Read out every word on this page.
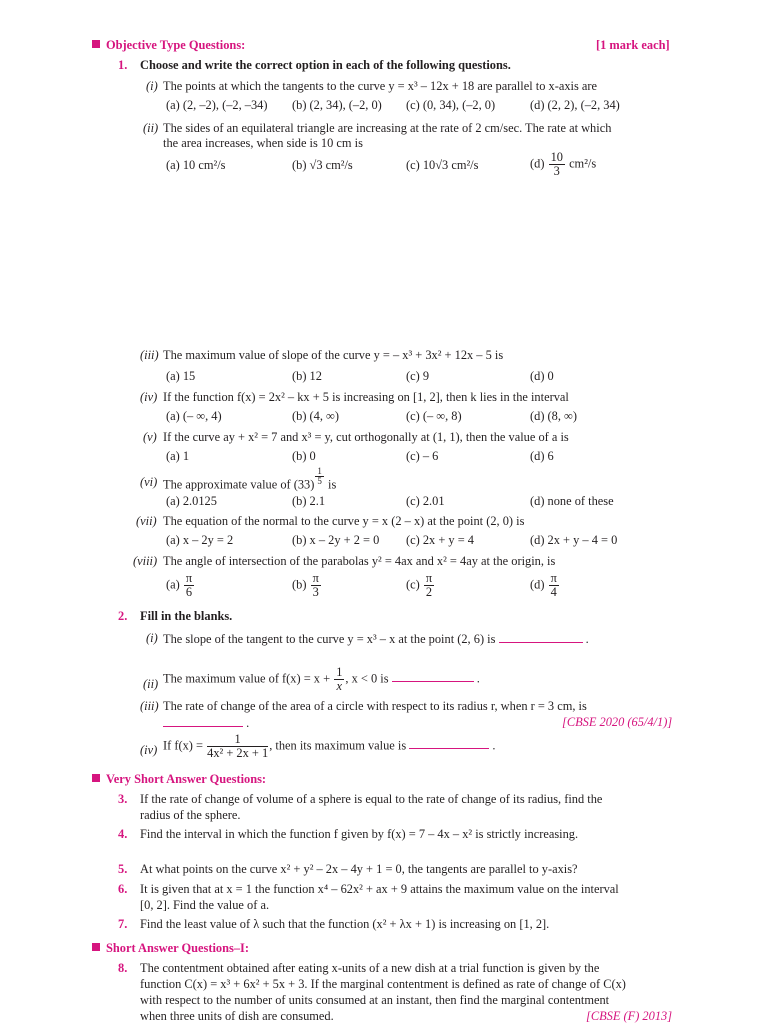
Objective Type Questions:	[1 mark each]
1. Choose and write the correct option in each of the following questions.
(i) The points at which the tangents to the curve y = x³ – 12x + 18 are parallel to x-axis are
(a) (2, –2), (–2, –34) (b) (2, 34), (–2, 0) (c) (0, 34), (–2, 0)	(d) (2, 2), (–2, 34)
(ii) The sides of an equilateral triangle are increasing at the rate of 2 cm/sec. The rate at which
the area increases, when side is 10 cm is
(a) 10 cm²/s	(b) √3 cm²/s	(c) 10√3 cm²/s	$(d) \frac{10}{3} cm^2/s$
(iii) The maximum value of slope of the curve y = – x³ + 3x² + 12x – 5 is
(a) 15	(b) 12	(c) 9	(d) 0
(iv) If the function f(x) = 2x² – kx + 5 is increasing on [1, 2], then k lies in the interval
(a) (– ∞, 4)	(b) (4, ∞)	(c) (– ∞, 8)	(d) (8, ∞)
(v) If the curve ay + x² = 7 and x³ = y, cut orthogonally at (1, 1), then the value of a is
(a) 1	(b) 0	(c) – 6	(d) 6
(vi) The approximate value of $(33) \frac{1}{5}$ is
(a) 2.0125	(b) 2.1	(c) 2.01	(d) none of these
(vii) The equation of the normal to the curve y = x (2 – x) at the point (2, 0) is
(a) x – 2y = 2	(b) x – 2y + 2 = 0 (c) 2x + y = 4	(d) 2x + y – 4 = 0
(viii) The angle of intersection of the parabolas y² = 4ax and x² = 4ay at the origin, is
$(a) \frac{\pi}{6}$	$(b) \frac{\pi}{3}$	$(c) \frac{\pi}{2}$	$(d) \frac{\pi}{4}$
2. Fill in the blanks.
(i) The slope of the tangent to the curve y = x³ – x at the point (2, 6) is	.
(ii) The maximum value of $f(x) = x + \frac{1}{x}$ , x < 0 is	.
(iii) The rate of change of the area of a circle with respect to its radius r, when r = 3 cm, is
.	[CBSE 2020 (65/4/1)]
(iv) If $f(x) = \frac{1}{\text{4x² + 2x + 1}}$ , then its maximum value is	.
Very Short Answer Questions:
3. If the rate of change of volume of a sphere is equal to the rate of change of its radius, find the
radius of the sphere.
4. Find the interval in which the function f given by f(x) = 7 – 4x – x² is strictly increasing.
5. At what points on the curve x² + y² – 2x – 4y + 1 = 0, the tangents are parallel to y-axis?
6. It is given that at x = 1 the function x⁴ – 62x² + ax + 9 attains the maximum value on the interval
[0, 2]. Find the value of a.
7. Find the least value of λ such that the function (x² + λx + 1) is increasing on [1, 2].
Short Answer Questions–I:
8. The contentment obtained after eating x-units of a new dish at a trial function is given by the
function C(x) = x³ + 6x² + 5x + 3. If the marginal contentment is defined as rate of change of C(x)
with respect to the number of units consumed at an instant, then find the marginal contentment
when three units of dish are consumed.	[CBSE (F) 2013]
